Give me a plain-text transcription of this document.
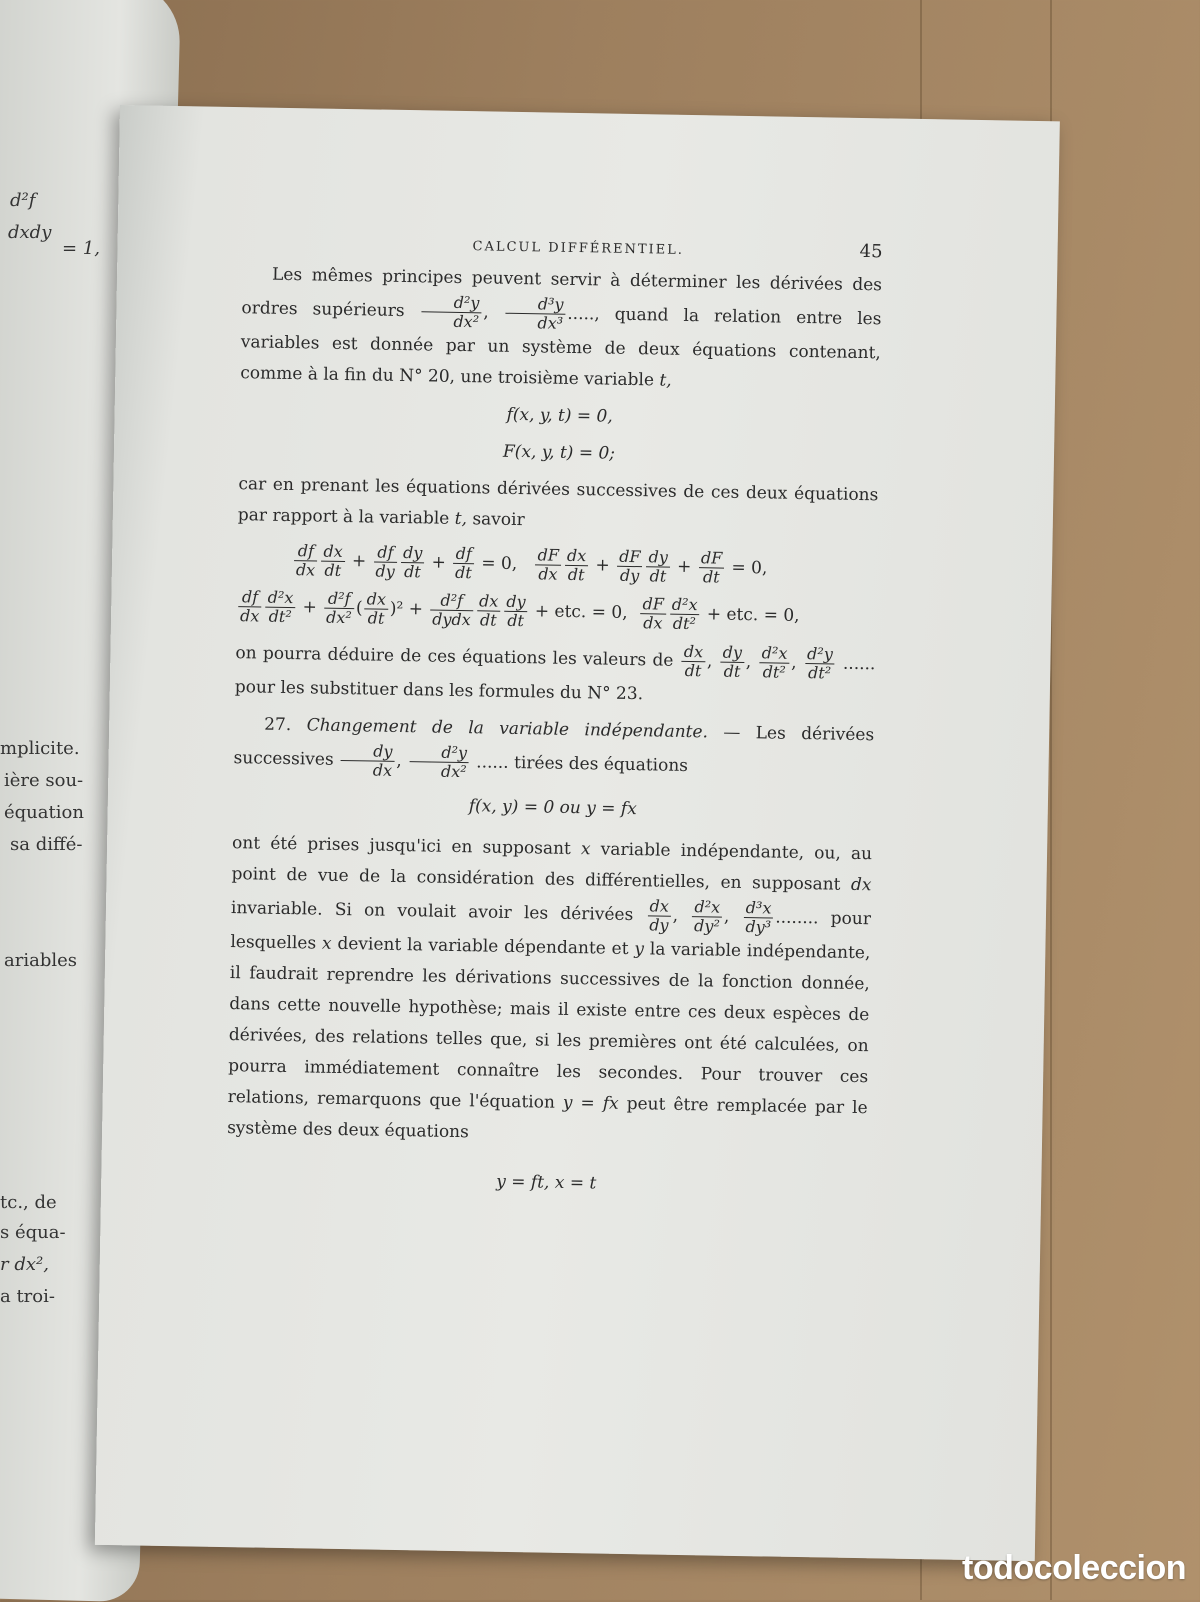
d²f
dxdy
= 1,
mplicite.
ière sou-
équation
sa diffé-
ariables
tc., de
s équa-
r dx²,
a troi-
CALCUL DIFFÉRENTIEL.	45

Les mêmes principes peuvent servir à déterminer les dérivées des ordres supérieurs $\frac{\text{d²y}}{\text{dx²}}$ , $\frac{\text{d³y}}{\text{dx³}}$ ....., quand la relation entre les variables est donnée par un système de deux équations contenant, comme à la fin du N° 20, une troisième variable t,

f(x, y, t) = 0,
F(x, y, t) = 0;

car en prenant les équations dérivées successives de ces deux équations par rapport à la variable t, savoir

$\frac{df}{dx} \frac{dx}{dt} + \frac{df}{dy} \frac{dy}{dt} + \frac{df}{dt} = 0$, $\frac{dF}{dx} \frac{dx}{dt} + \frac{dF}{dy} \frac{dy}{dt} + \frac{dF}{dt} = 0$,
$\frac{df}{dx} \frac{\text{d²x}}{\text{dt²}} + \frac{\text{d²f}}{\text{dx²}}$ ( $\frac{dx}{dt} )^2 + \frac{\text{d²f}}{\text{dydx}} \frac{dx}{dt} \frac{dy}{dt}$ + etc. = 0, $\frac{dF}{dx} \frac{\text{d²x}}{\text{dt²}}$ + etc. = 0,

on pourra déduire de ces équations les valeurs de $\frac{dx}{dt}$ , $\frac{dy}{dt}$ , $\frac{\text{d²x}}{\text{dt²}}$ , $\frac{\text{d²y}}{\text{dt²}}$ ...... pour les substituer dans les formules du N° 23.

27. Changement de la variable indépendante. — Les dérivées successives $\frac{dy}{dx}$ , $\frac{\text{d²y}}{\text{dx²}}$ ...... tirées des équations

f(x, y) = 0 ou y = fx

ont été prises jusqu'ici en supposant x variable indépendante, ou, au point de vue de la considération des différentielles, en supposant dx invariable. Si on voulait avoir les dérivées $\frac{dx}{dy}$ , $\frac{\text{d²x}}{\text{dy²}}$ , $\frac{\text{d³x}}{\text{dy³}}$ ........ pour lesquelles x devient la variable dépendante et y la variable indépendante, il faudrait reprendre les dérivations successives de la fonction donnée, dans cette nouvelle hypothèse; mais il existe entre ces deux espèces de dérivées, des relations telles que, si les premières ont été calculées, on pourra immédiatement connaître les secondes. Pour trouver ces relations, remarquons que l'équation y = fx peut être remplacée par le système des deux équations

y = ft, x = t
todocoleccion
